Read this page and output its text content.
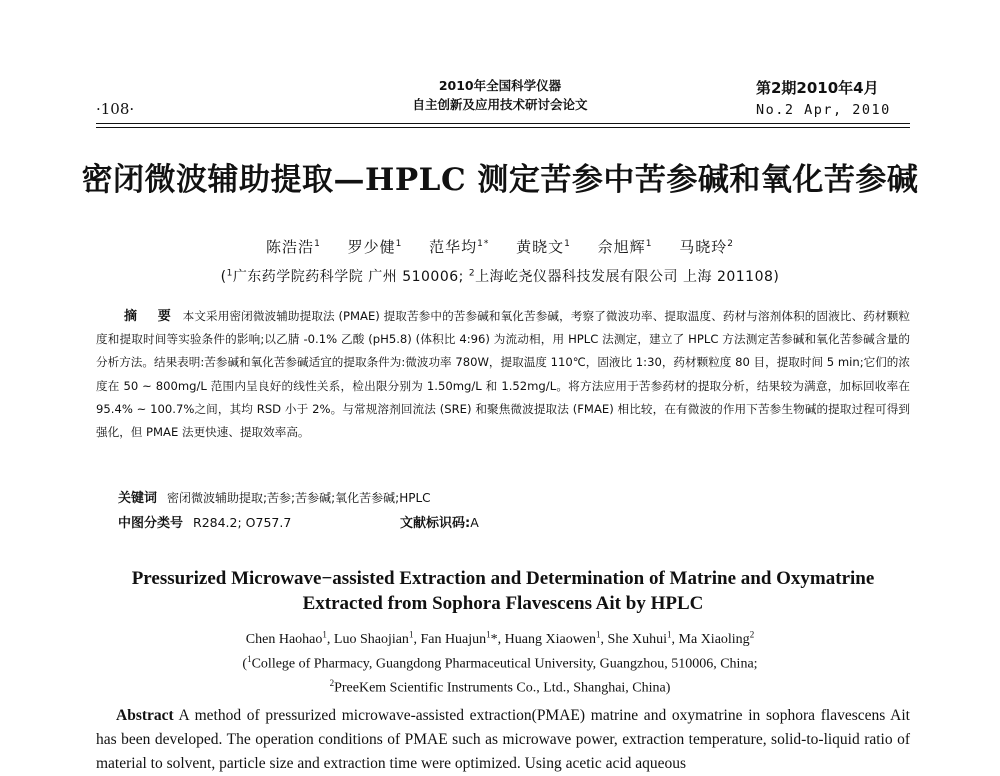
·108·
2010年全国科学仪器
自主创新及应用技术研讨会论文
第2期2010年4月
No.2 Apr, 2010
密闭微波辅助提取—HPLC 测定苦参中苦参碱和氧化苦参碱
陈浩浩$^1$ 罗少健$^1$ 范华均$^{1*}$ 黄晓文$^1$ 佘旭辉$^1$ 马晓玲$^2$
($^1$广东药学院药科学院 广州 510006; $^2$上海屹尧仪器科技发展有限公司 上海 201108)
摘 要 本文采用密闭微波辅助提取法 (PMAE) 提取苦参中的苦参碱和氧化苦参碱，考察了微波功率、提取温度、药材与溶剂体积的固液比、药材颗粒度和提取时间等实验条件的影响;以乙腈 -0.1% 乙酸 (pH5.8) (体积比 4:96) 为流动相，用 HPLC 法测定，建立了 HPLC 方法测定苦参碱和氧化苦参碱含量的分析方法。结果表明:苦参碱和氧化苦参碱适宜的提取条件为:微波功率 780W，提取温度 110℃，固液比 1:30，药材颗粒度 80 目，提取时间 5 min;它们的浓度在 50 ~ 800mg/L 范围内呈良好的线性关系，检出限分别为 1.50mg/L 和 1.52mg/L。将方法应用于苦参药材的提取分析，结果较为满意，加标回收率在 95.4% ~ 100.7%之间，其均 RSD 小于 2%。与常规溶剂回流法 (SRE) 和聚焦微波提取法 (FMAE) 相比较，在有微波的作用下苦参生物碱的提取过程可得到强化，但 PMAE 法更快速、提取效率高。
关键词 密闭微波辅助提取;苦参;苦参碱;氧化苦参碱;HPLC
中图分类号 R284.2; O757.7	文献标识码:A
Pressurized Microwave−assisted Extraction and Determination of Matrine and Oxymatrine Extracted from Sophora Flavescens Ait by HPLC
Chen Haohao$^1$, Luo Shaojian$^1$, Fan Huajun$^1$*, Huang Xiaowen$^1$, She Xuhui$^1$, Ma Xiaoling$^2$
($^1$College of Pharmacy, Guangdong Pharmaceutical University, Guangzhou, 510006, China;
$^2$PreeKem Scientific Instruments Co., Ltd., Shanghai, China)
Abstract A method of pressurized microwave-assisted extraction(PMAE) matrine and oxymatrine in sophora flavescens Ait has been developed. The operation conditions of PMAE such as microwave power, extraction temperature, solid-to-liquid ratio of material to solvent, particle size and extraction time were optimized. Using acetic acid aqueous
